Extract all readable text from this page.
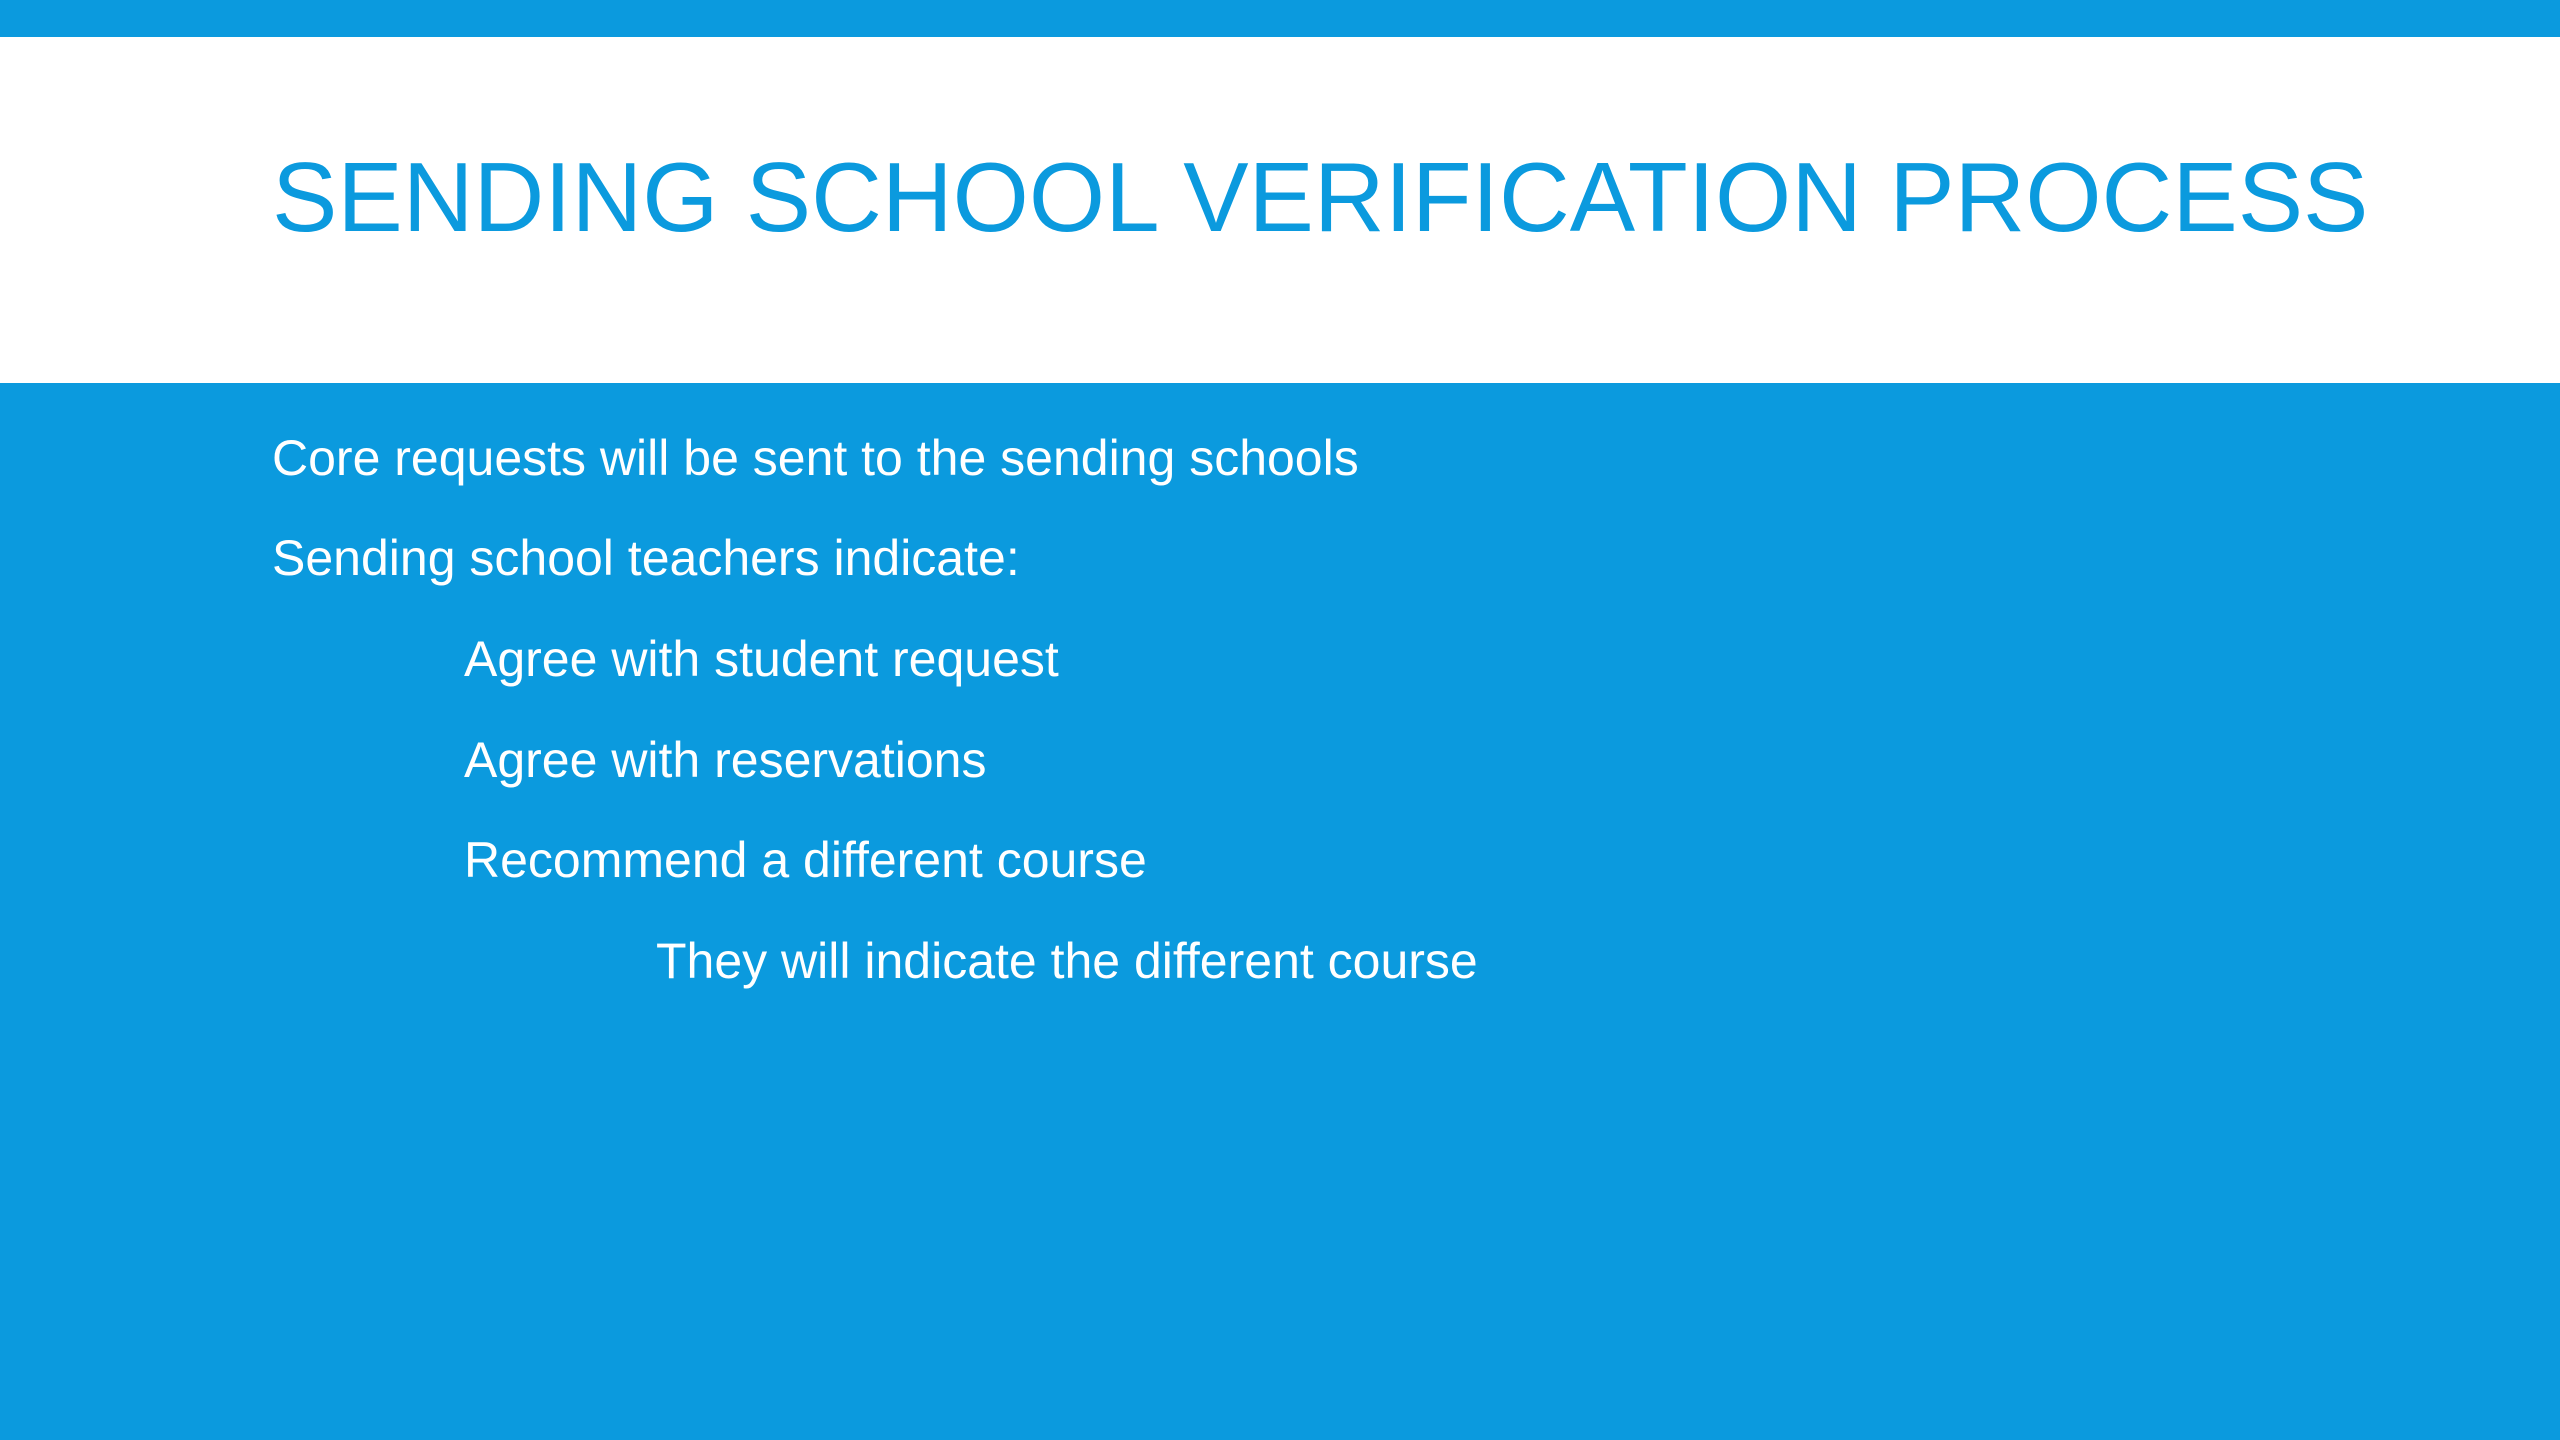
SENDING SCHOOL VERIFICATION PROCESS
Core requests will be sent to the sending schools
Sending school teachers indicate:
Agree with student request
Agree with reservations
Recommend a different course
They will indicate the different course
